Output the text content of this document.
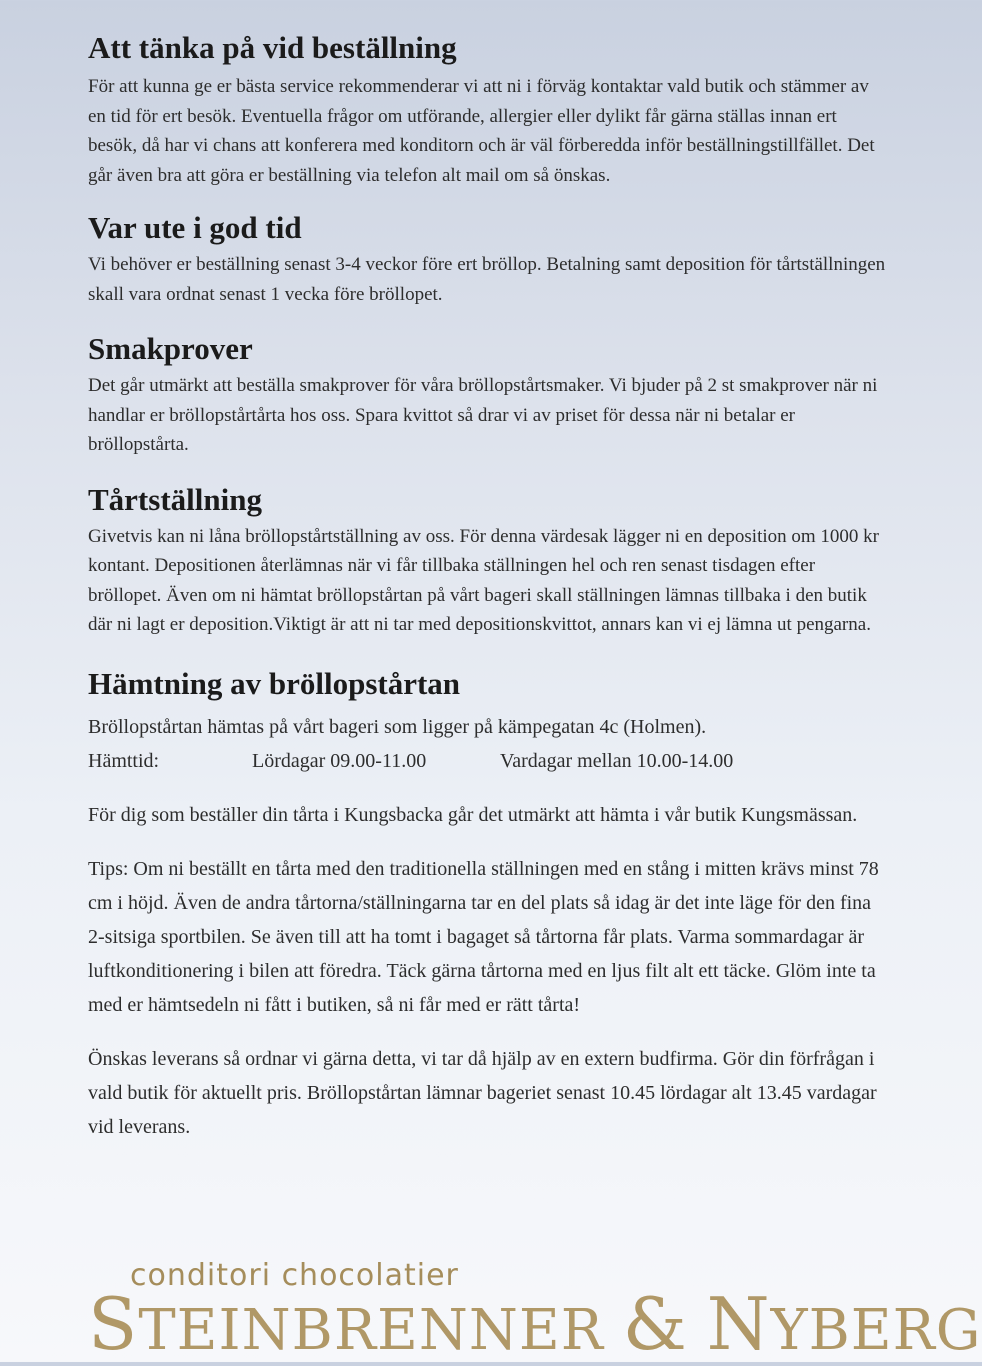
Att tänka på vid beställning

För att kunna ge er bästa service rekommenderar vi att ni i förväg kontaktar vald butik och stämmer av en tid för ert besök. Eventuella frågor om utförande, allergier eller dylikt får gärna ställas innan ert besök, då har vi chans att konferera med konditorn och är väl förberedda inför beställningstillfället. Det går även bra att göra er beställning via telefon alt mail om så önskas.

Var ute i god tid

Vi behöver er beställning senast 3-4 veckor före ert bröllop. Betalning samt deposition för tårtställningen skall vara ordnat senast 1 vecka före bröllopet.

Smakprover

Det går utmärkt att beställa smakprover för våra bröllopstårtsmaker. Vi bjuder på 2 st smakprover när ni handlar er bröllopstårtårta hos oss. Spara kvittot så drar vi av priset för dessa när ni betalar er bröllopstårta.

Tårtställning

Givetvis kan ni låna bröllopstårtställning av oss. För denna värdesak lägger ni en deposition om 1000 kr kontant. Depositionen återlämnas när vi får tillbaka ställningen hel och ren senast tisdagen efter bröllopet. Även om ni hämtat bröllopstårtan på vårt bageri skall ställningen lämnas tillbaka i den butik där ni lagt er deposition.Viktigt är att ni tar med depositionskvittot, annars kan vi ej lämna ut pengarna.

Hämtning av bröllopstårtan

Bröllopstårtan hämtas på vårt bageri som ligger på kämpegatan 4c (Holmen).

Hämttid:	Lördagar 09.00-11.00	Vardagar mellan 10.00-14.00

För dig som beställer din tårta i Kungsbacka går det utmärkt att hämta i vår butik Kungsmässan.

Tips: Om ni beställt en tårta med den traditionella ställningen med en stång i mitten krävs minst 78 cm i höjd. Även de andra tårtorna/ställningarna tar en del plats så idag är det inte läge för den fina 2-sitsiga sportbilen. Se även till att ha tomt i bagaget så tårtorna får plats. Varma sommardagar är luftkonditionering i bilen att föredra. Täck gärna tårtorna med en ljus filt alt ett täcke. Glöm inte ta med er hämtsedeln ni fått i butiken, så ni får med er rätt tårta!

Önskas leverans så ordnar vi gärna detta, vi tar då hjälp av en extern budfirma. Gör din förfrågan i vald butik för aktuellt pris. Bröllopstårtan lämnar bageriet senast 10.45 lördagar alt 13.45 vardagar vid leverans.

conditori chocolatier
STEINBRENNER & NYBERG
